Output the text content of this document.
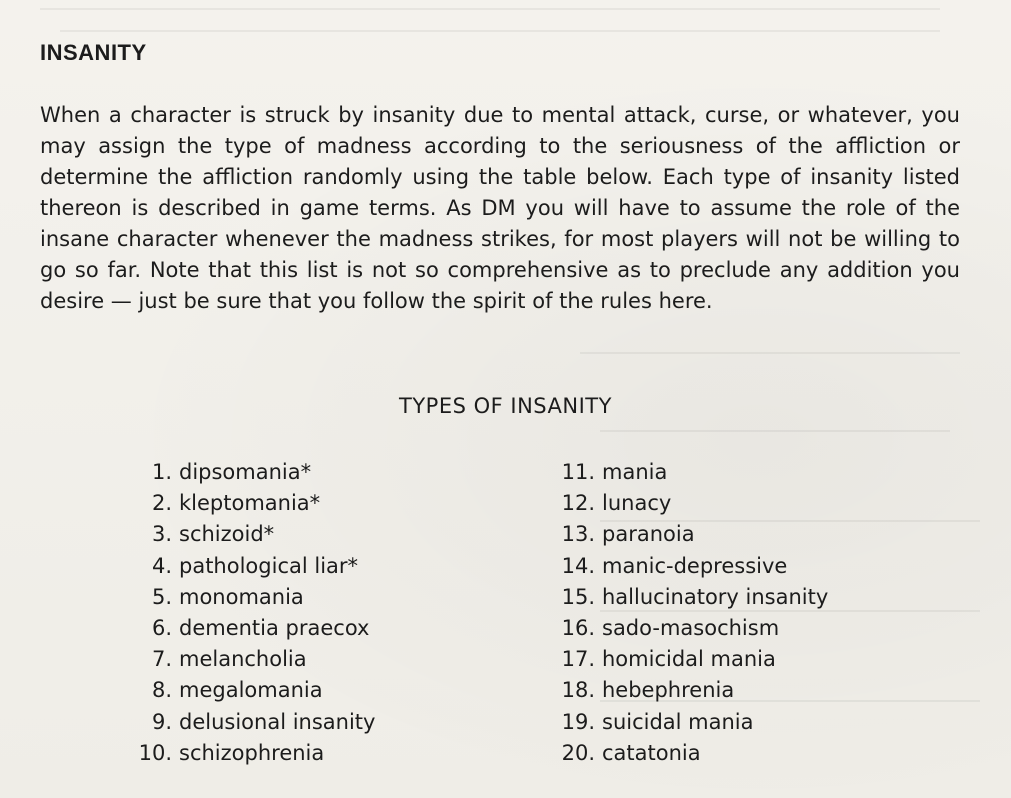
INSANITY

When a character is struck by insanity due to mental attack, curse, or whatever, you may assign the type of madness according to the seriousness of the affliction or determine the affliction randomly using the table below. Each type of insanity listed thereon is described in game terms. As DM you will have to assume the role of the insane character whenever the madness strikes, for most players will not be willing to go so far. Note that this list is not so comprehensive as to preclude any addition you desire — just be sure that you follow the spirit of the rules here.

TYPES OF INSANITY
1. dipsomania*
2. kleptomania*
3. schizoid*
4. pathological liar*
5. monomania
6. dementia praecox
7. melancholia
8. megalomania
9. delusional insanity
10. schizophrenia
11. mania
12. lunacy
13. paranoia
14. manic-depressive
15. hallucinatory insanity
16. sado-masochism
17. homicidal mania
18. hebephrenia
19. suicidal mania
20. catatonia
